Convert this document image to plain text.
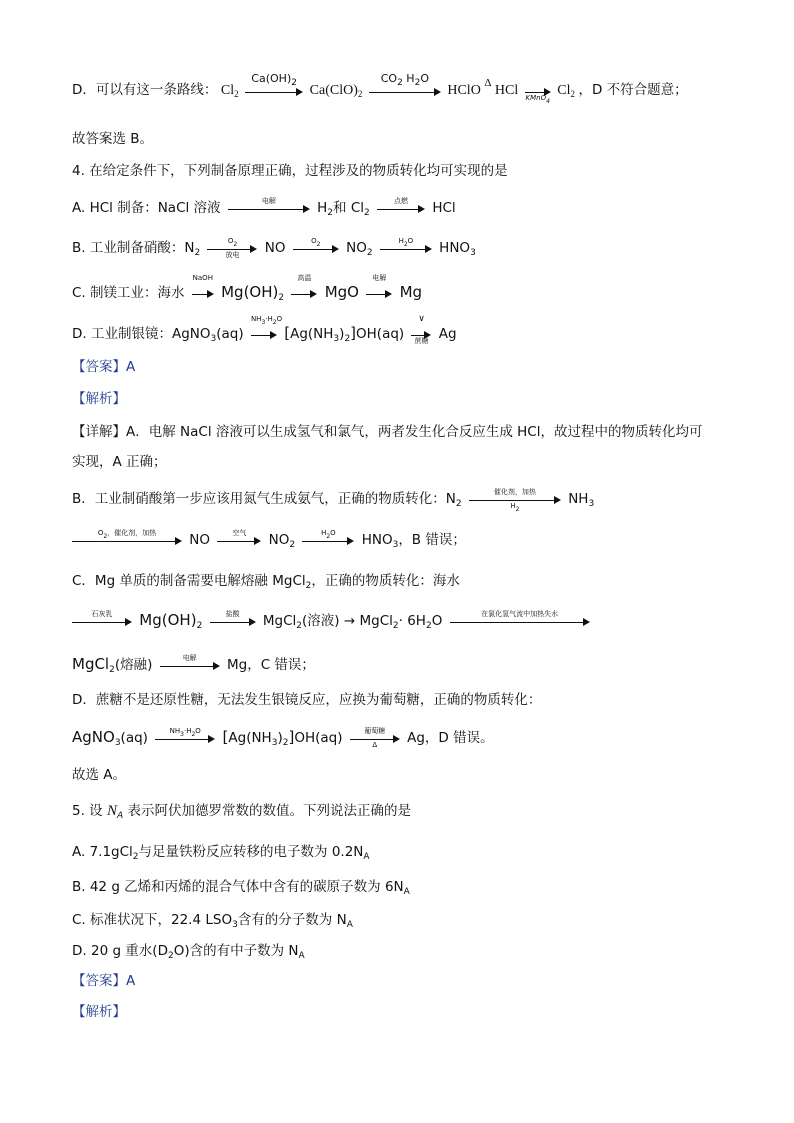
D．可以有这一条路线： $Cl_2$
$Ca(OH)_2$
$Ca(ClO)_2$
$CO_2$ $H_2O$
HClO $^\Delta$ HCl KMnO$_4$
$Cl_2$ ，D 不符合题意；
故答案选 B。
4. 在给定条件下，下列制备原理正确，过程涉及的物质转化均可实现的是
A. HCl 制备：NaCl 溶液	电解	$H_2$和 $Cl_2$
点燃	HCl
B. 工业制备硝酸：$N_2$
$O_2$
放电	NO	$O_2$	$NO_2$
$H_2O$	$HNO_3$
C. 制镁工业：海水
NaOH
$Mg(OH)_2$
高温
MgO
电解
Mg
D. 工业制银镜：AgNO$_3$(aq)
$NH_3\cdot H_2O$
$[Ag(NH_3)_2]OH(aq)$
∨
蔗糖 Ag
【答案】A
【解析】
【详解】A．电解 NaCl 溶液可以生成氢气和氯气，两者发生化合反应生成 HCl，故过程中的物质转化均可
实现，A 正确；
B．工业制硝酸第一步应该用氮气生成氨气，正确的物质转化：$N_2$
催化剂，加热
$H_2$
$NH_3$
$O_2$，催化剂，加热	NO	空气	$NO_2$
$H_2O$	$HNO_3$，B 错误；
C．Mg 单质的制备需要电解熔融 MgCl$_2$，正确的物质转化：海水
石灰乳	$Mg(OH)_2$
盐酸	MgCl$_2$(溶液) → MgCl$_2$· $6H_2O$	在氯化氢气流中加热失水
MgCl$_2$(熔融)	电解	Mg，C 错误；
D．蔗糖不是还原性糖，无法发生银镜反应，应换为葡萄糖，正确的物质转化：
AgNO$_3$(aq)	$NH_3\cdot H_2O$	$[Ag(NH_3)_2]OH(aq)$	葡萄糖
Δ	Ag，D 错误。
故选 A。
5. 设 $N_A$ 表示阿伏加德罗常数的数值。下列说法正确的是
A. 7.1gCl$_2$与足量铁粉反应转移的电子数为 $0.2N_A$
B. 42 g 乙烯和丙烯的混合气体中含有的碳原子数为 $6N_A$
C. 标准状况下，22.4 $LSO_3$含有的分子数为 $N_A$
D. 20 g 重水$(D_2O)$含的有中子数为 $N_A$
【答案】A
【解析】
